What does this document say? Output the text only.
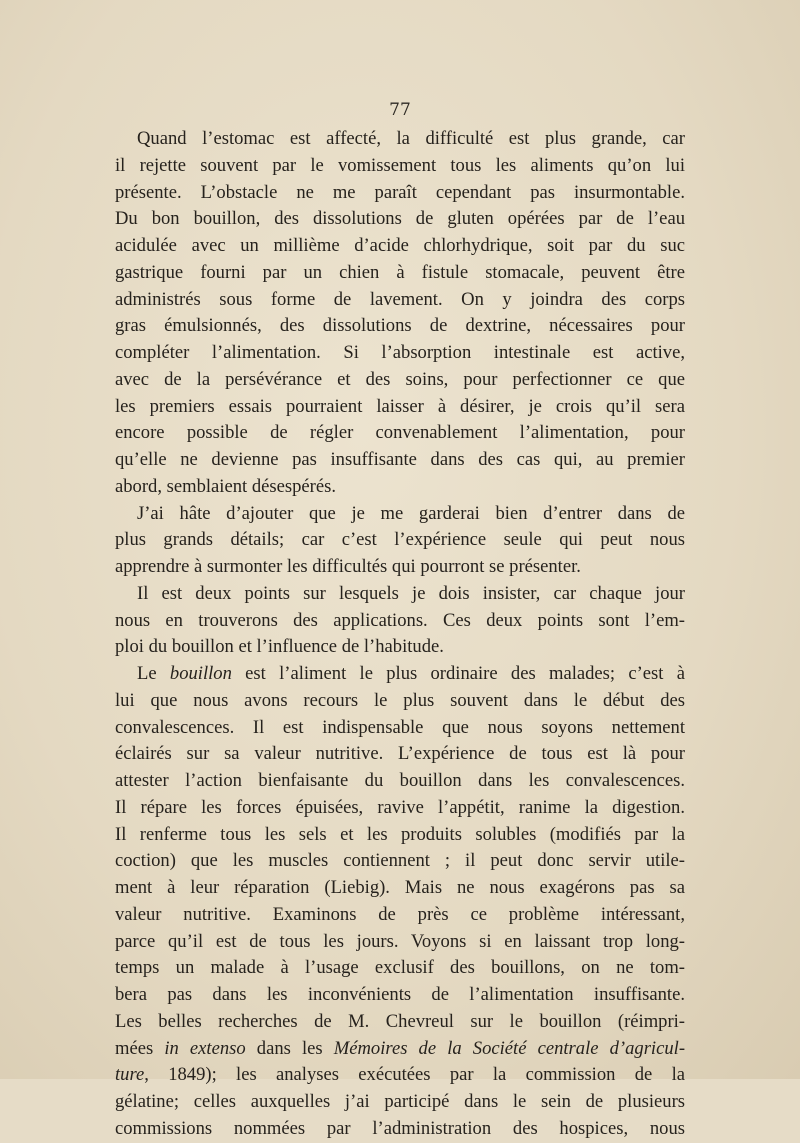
77
Quand l’estomac est affecté, la difficulté est plus grande, car
il rejette souvent par le vomissement tous les aliments qu’on lui
présente. L’obstacle ne me paraît cependant pas insurmontable.
Du bon bouillon, des dissolutions de gluten opérées par de l’eau
acidulée avec un millième d’acide chlorhydrique, soit par du suc
gastrique fourni par un chien à fistule stomacale, peuvent être
administrés sous forme de lavement. On y joindra des corps
gras émulsionnés, des dissolutions de dextrine, nécessaires pour
compléter l’alimentation. Si l’absorption intestinale est active,
avec de la persévérance et des soins, pour perfectionner ce que
les premiers essais pourraient laisser à désirer, je crois qu’il sera
encore possible de régler convenablement l’alimentation, pour
qu’elle ne devienne pas insuffisante dans des cas qui, au premier
abord, semblaient désespérés.
J’ai hâte d’ajouter que je me garderai bien d’entrer dans de
plus grands détails; car c’est l’expérience seule qui peut nous
apprendre à surmonter les difficultés qui pourront se présenter.
Il est deux points sur lesquels je dois insister, car chaque jour
nous en trouverons des applications. Ces deux points sont l’em-
ploi du bouillon et l’influence de l’habitude.
Le bouillon est l’aliment le plus ordinaire des malades; c’est à
lui que nous avons recours le plus souvent dans le début des
convalescences. Il est indispensable que nous soyons nettement
éclairés sur sa valeur nutritive. L’expérience de tous est là pour
attester l’action bienfaisante du bouillon dans les convalescences.
Il répare les forces épuisées, ravive l’appétit, ranime la digestion.
Il renferme tous les sels et les produits solubles (modifiés par la
coction) que les muscles contiennent ; il peut donc servir utile-
ment à leur réparation (Liebig). Mais ne nous exagérons pas sa
valeur nutritive. Examinons de près ce problème intéressant,
parce qu’il est de tous les jours. Voyons si en laissant trop long-
temps un malade à l’usage exclusif des bouillons, on ne tom-
bera pas dans les inconvénients de l’alimentation insuffisante.
Les belles recherches de M. Chevreul sur le bouillon (réimpri-
mées in extenso dans les Mémoires de la Société centrale d’agricul-
ture, 1849); les analyses exécutées par la commission de la
gélatine; celles auxquelles j’ai participé dans le sein de plusieurs
commissions nommées par l’administration des hospices, nous
